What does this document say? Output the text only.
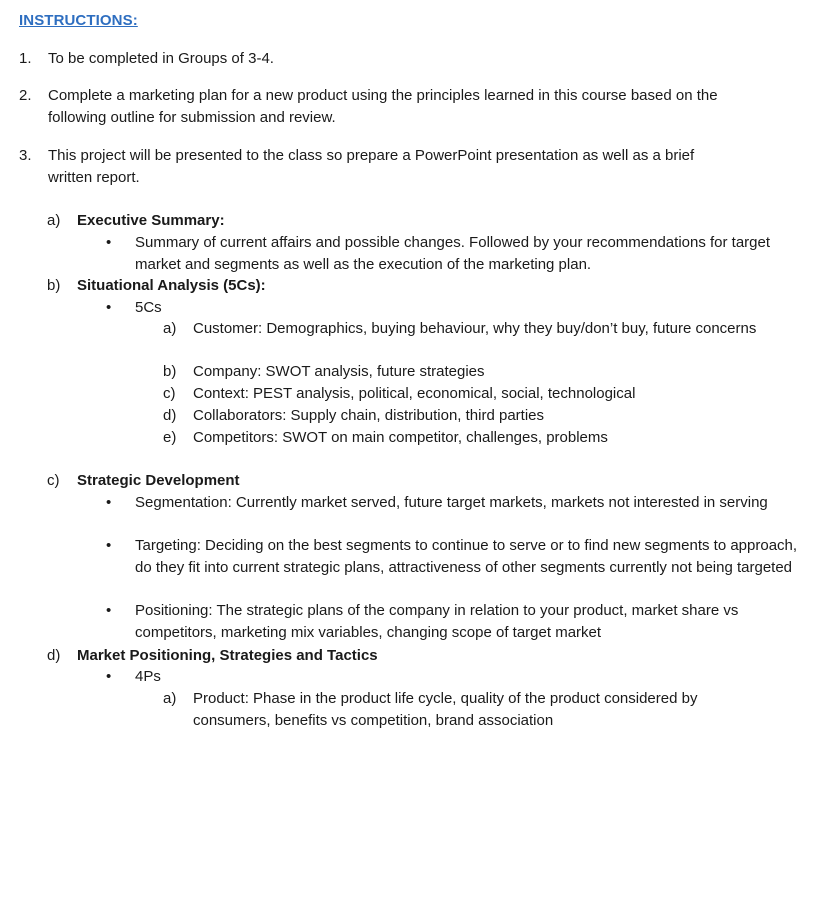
INSTRUCTIONS:
1. To be completed in Groups of 3-4.
2. Complete a marketing plan for a new product using the principles learned in this course based on the following outline for submission and review.
3. This project will be presented to the class so prepare a PowerPoint presentation as well as a brief written report.
a) Executive Summary:
• Summary of current affairs and possible changes. Followed by your recommendations for target market and segments as well as the execution of the marketing plan.
b) Situational Analysis (5Cs):
• 5Cs
a) Customer: Demographics, buying behaviour, why they buy/don’t buy, future concerns
b) Company: SWOT analysis, future strategies
c) Context: PEST analysis, political, economical, social, technological
d) Collaborators: Supply chain, distribution, third parties
e) Competitors: SWOT on main competitor, challenges, problems
c) Strategic Development
• Segmentation: Currently market served, future target markets, markets not interested in serving
• Targeting: Deciding on the best segments to continue to serve or to find new segments to approach, do they fit into current strategic plans, attractiveness of other segments currently not being targeted
• Positioning: The strategic plans of the company in relation to your product, market share vs competitors, marketing mix variables, changing scope of target market
d) Market Positioning, Strategies and Tactics
• 4Ps
a) Product: Phase in the product life cycle, quality of the product considered by consumers, benefits vs competition, brand association
